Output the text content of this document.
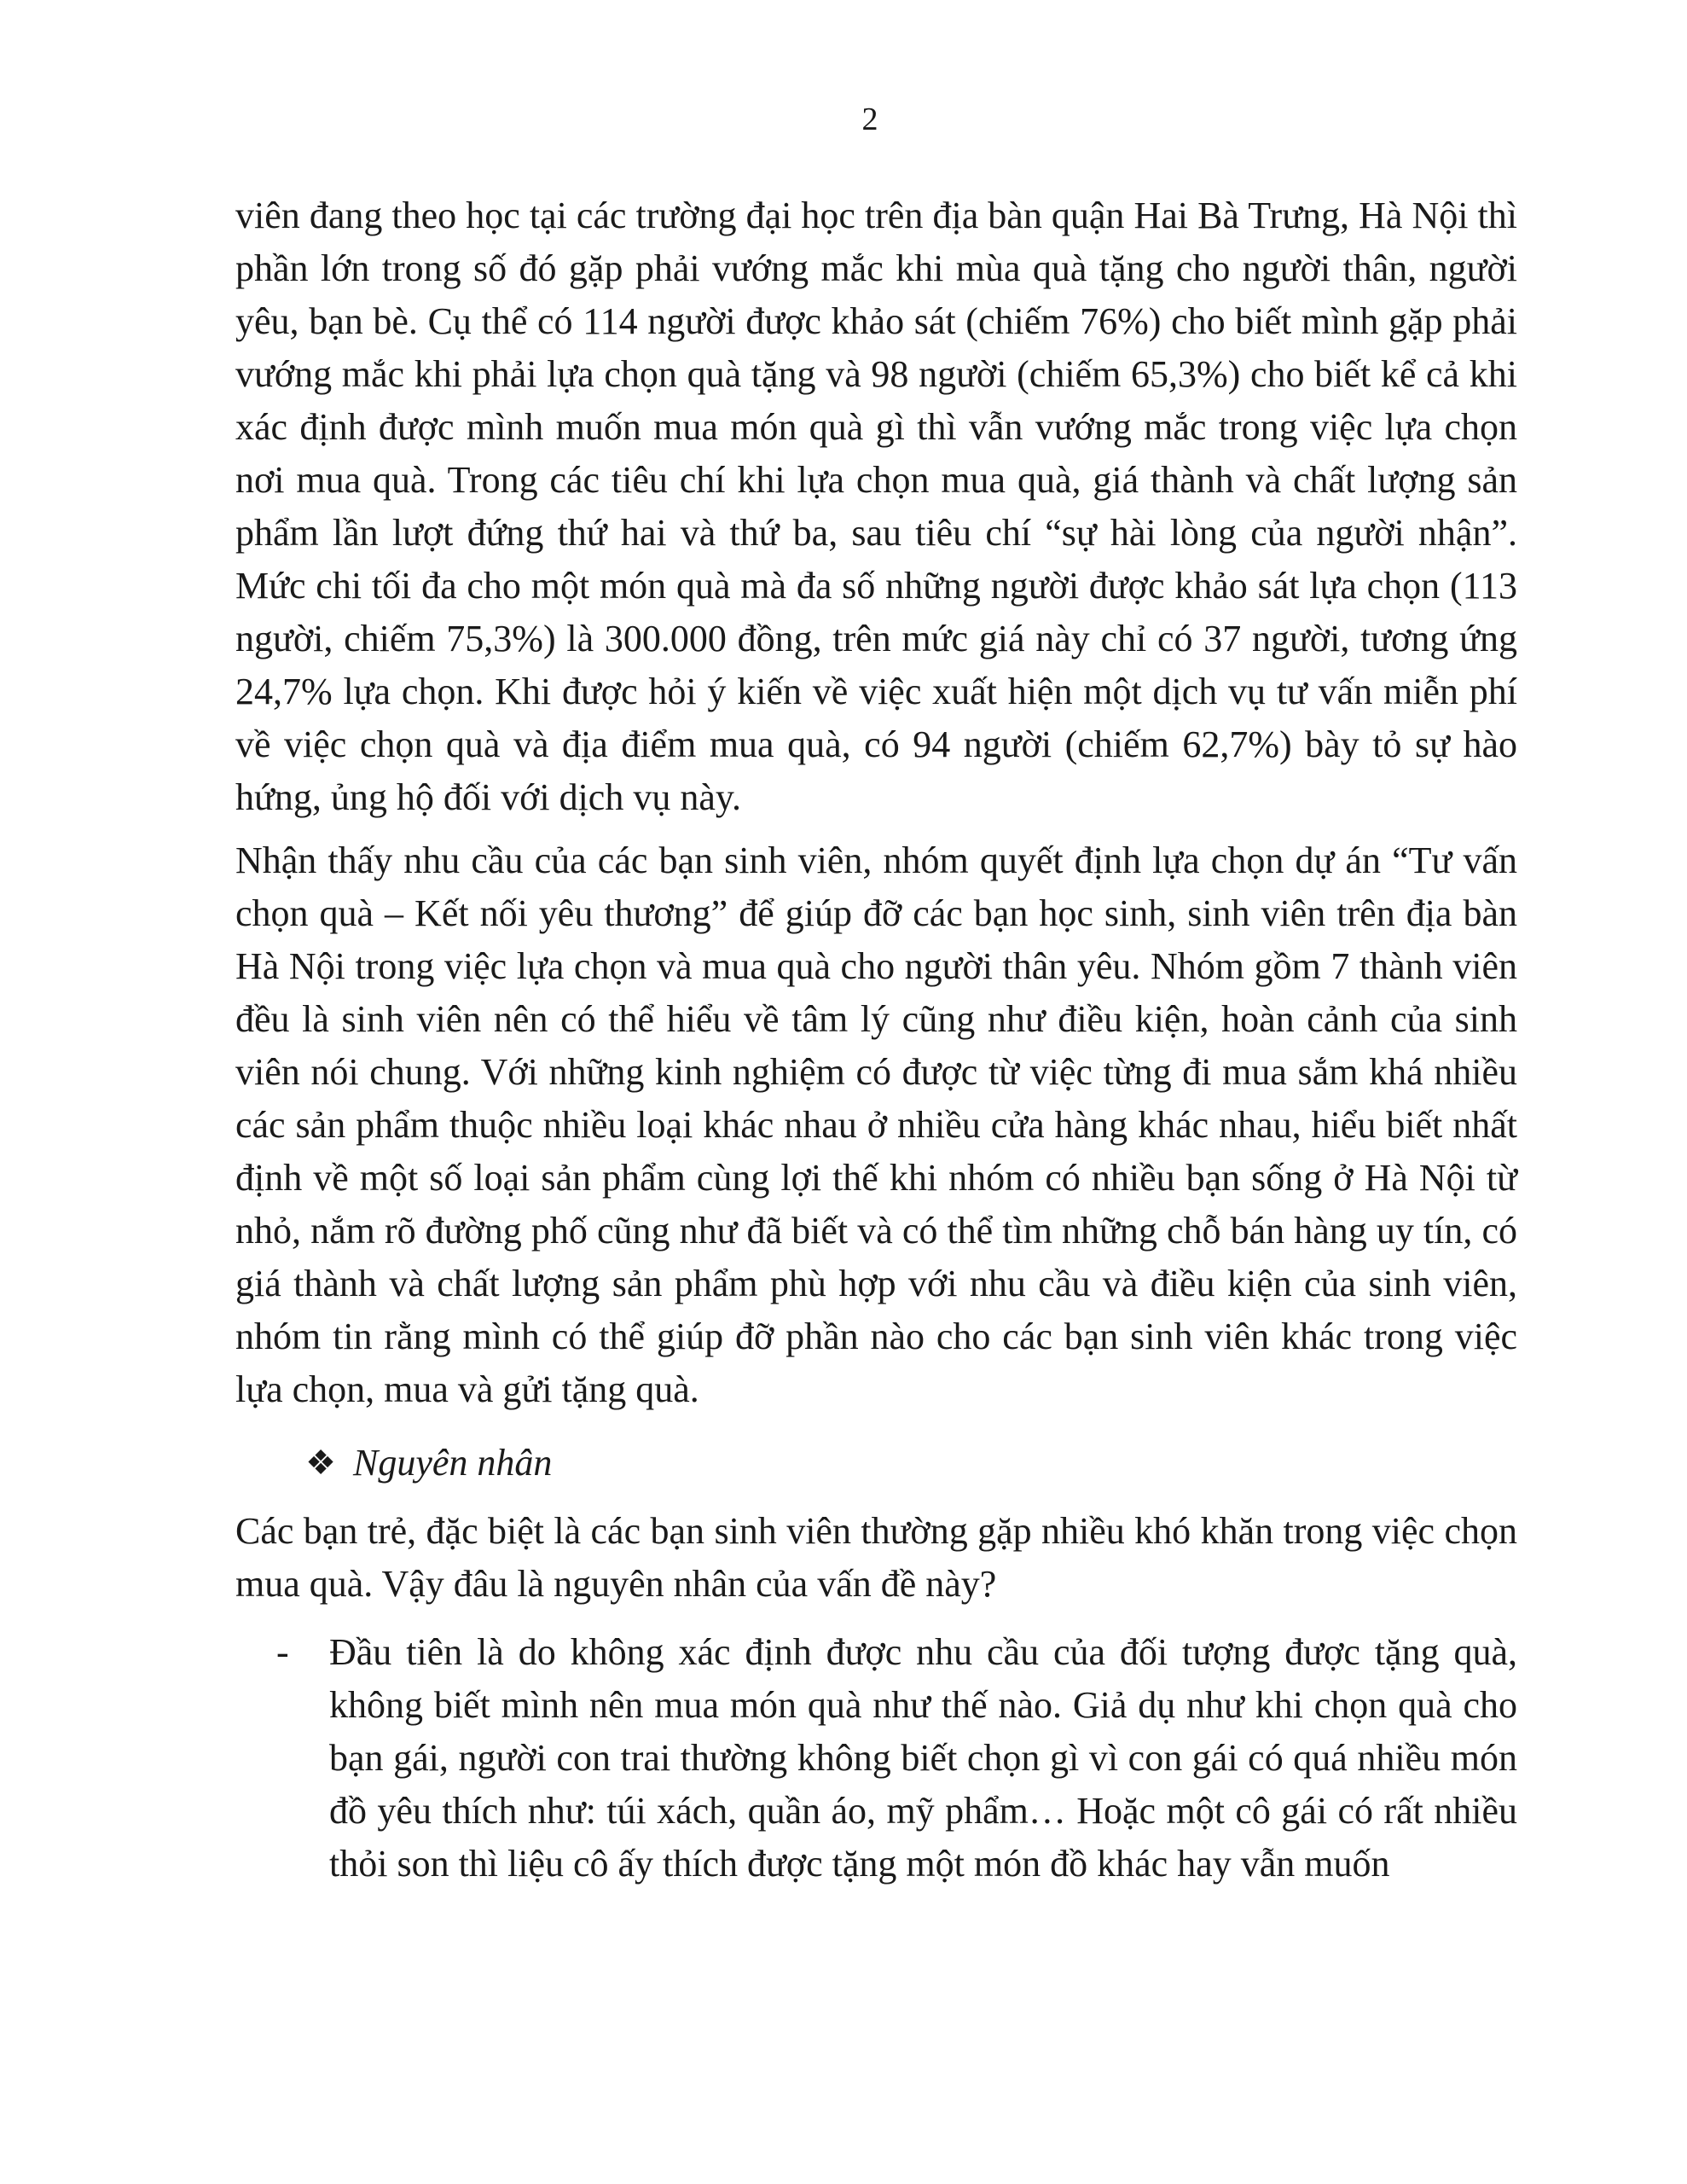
2

viên đang theo học tại các trường đại học trên địa bàn quận Hai Bà Trưng, Hà Nội thì phần lớn trong số đó gặp phải vướng mắc khi mùa quà tặng cho người thân, người yêu, bạn bè. Cụ thể có 114 người được khảo sát (chiếm 76%) cho biết mình gặp phải vướng mắc khi phải lựa chọn quà tặng và 98 người (chiếm 65,3%) cho biết kể cả khi xác định được mình muốn mua món quà gì thì vẫn vướng mắc trong việc lựa chọn nơi mua quà. Trong các tiêu chí khi lựa chọn mua quà, giá thành và chất lượng sản phẩm lần lượt đứng thứ hai và thứ ba, sau tiêu chí “sự hài lòng của người nhận”. Mức chi tối đa cho một món quà mà đa số những người được khảo sát lựa chọn (113 người, chiếm 75,3%) là 300.000 đồng, trên mức giá này chỉ có 37 người, tương ứng 24,7% lựa chọn. Khi được hỏi ý kiến về việc xuất hiện một dịch vụ tư vấn miễn phí về việc chọn quà và địa điểm mua quà, có 94 người (chiếm 62,7%) bày tỏ sự hào hứng, ủng hộ đối với dịch vụ này.

Nhận thấy nhu cầu của các bạn sinh viên, nhóm quyết định lựa chọn dự án “Tư vấn chọn quà – Kết nối yêu thương” để giúp đỡ các bạn học sinh, sinh viên trên địa bàn Hà Nội trong việc lựa chọn và mua quà cho người thân yêu. Nhóm gồm 7 thành viên đều là sinh viên nên có thể hiểu về tâm lý cũng như điều kiện, hoàn cảnh của sinh viên nói chung. Với những kinh nghiệm có được từ việc từng đi mua sắm khá nhiều các sản phẩm thuộc nhiều loại khác nhau ở nhiều cửa hàng khác nhau, hiểu biết nhất định về một số loại sản phẩm cùng lợi thế khi nhóm có nhiều bạn sống ở Hà Nội từ nhỏ, nắm rõ đường phố cũng như đã biết và có thể tìm những chỗ bán hàng uy tín, có giá thành và chất lượng sản phẩm phù hợp với nhu cầu và điều kiện của sinh viên, nhóm tin rằng mình có thể giúp đỡ phần nào cho các bạn sinh viên khác trong việc lựa chọn, mua và gửi tặng quà.

❖ Nguyên nhân

Các bạn trẻ, đặc biệt là các bạn sinh viên thường gặp nhiều khó khăn trong việc chọn mua quà. Vậy đâu là nguyên nhân của vấn đề này?

- Đầu tiên là do không xác định được nhu cầu của đối tượng được tặng quà, không biết mình nên mua món quà như thế nào. Giả dụ như khi chọn quà cho bạn gái, người con trai thường không biết chọn gì vì con gái có quá nhiều món đồ yêu thích như: túi xách, quần áo, mỹ phẩm… Hoặc một cô gái có rất nhiều thỏi son thì liệu cô ấy thích được tặng một món đồ khác hay vẫn muốn
